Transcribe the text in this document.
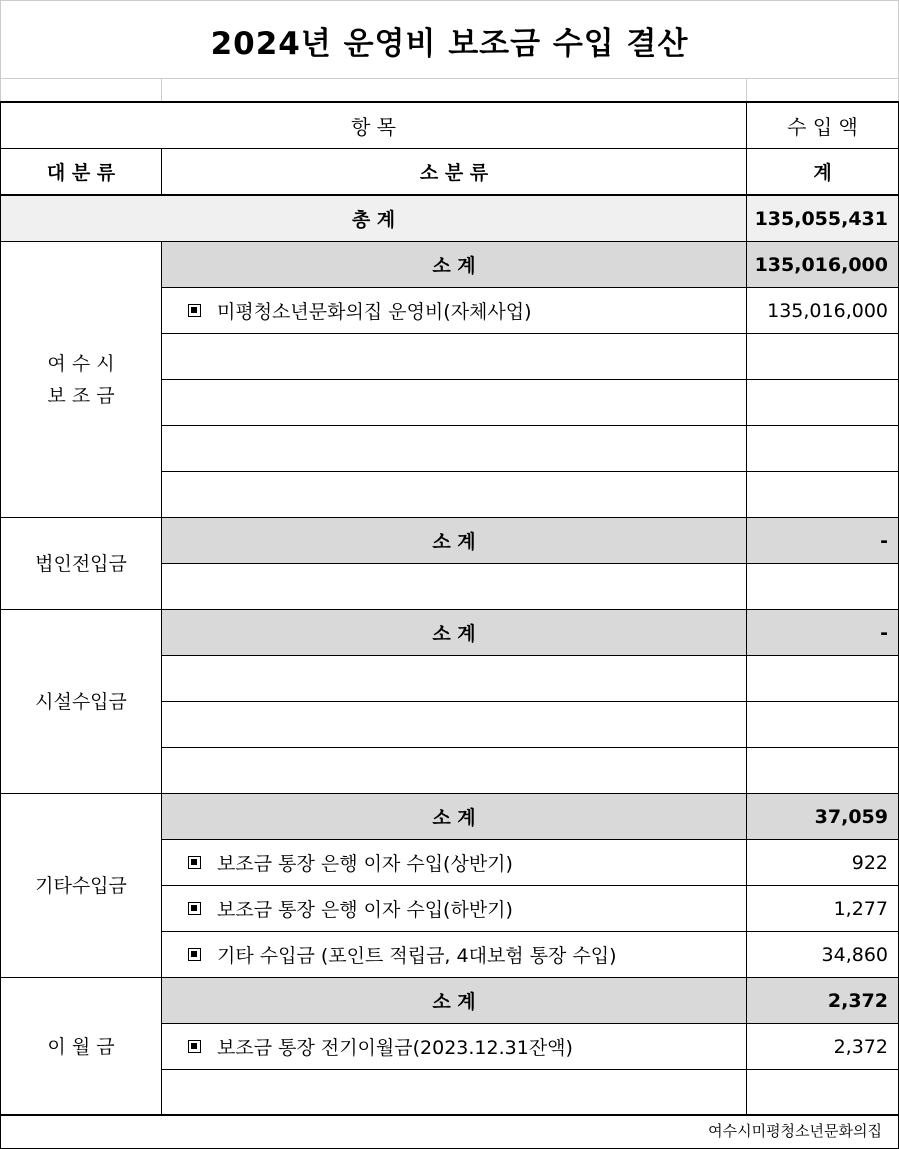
2024년 운영비 보조금 수입 결산

항 목		수 입 액
대 분 류	소 분 류	계
총 계		135,055,431
여 수 시
보 조 금	소 계	135,016,000
	미평청소년문화의집 운영비(자체사업)	135,016,000

법인전입금	소 계	-

시설수입금	소 계	-

기타수입금	소 계	37,059
	보조금 통장 은행 이자 수입(상반기)	922
	보조금 통장 은행 이자 수입(하반기)	1,277
	기타 수입금 (포인트 적립금, 4대보험 통장 수입)	34,860
이 월 금	소 계	2,372
	보조금 통장 전기이월금(2023.12.31잔액)	2,372

여수시미평청소년문화의집
